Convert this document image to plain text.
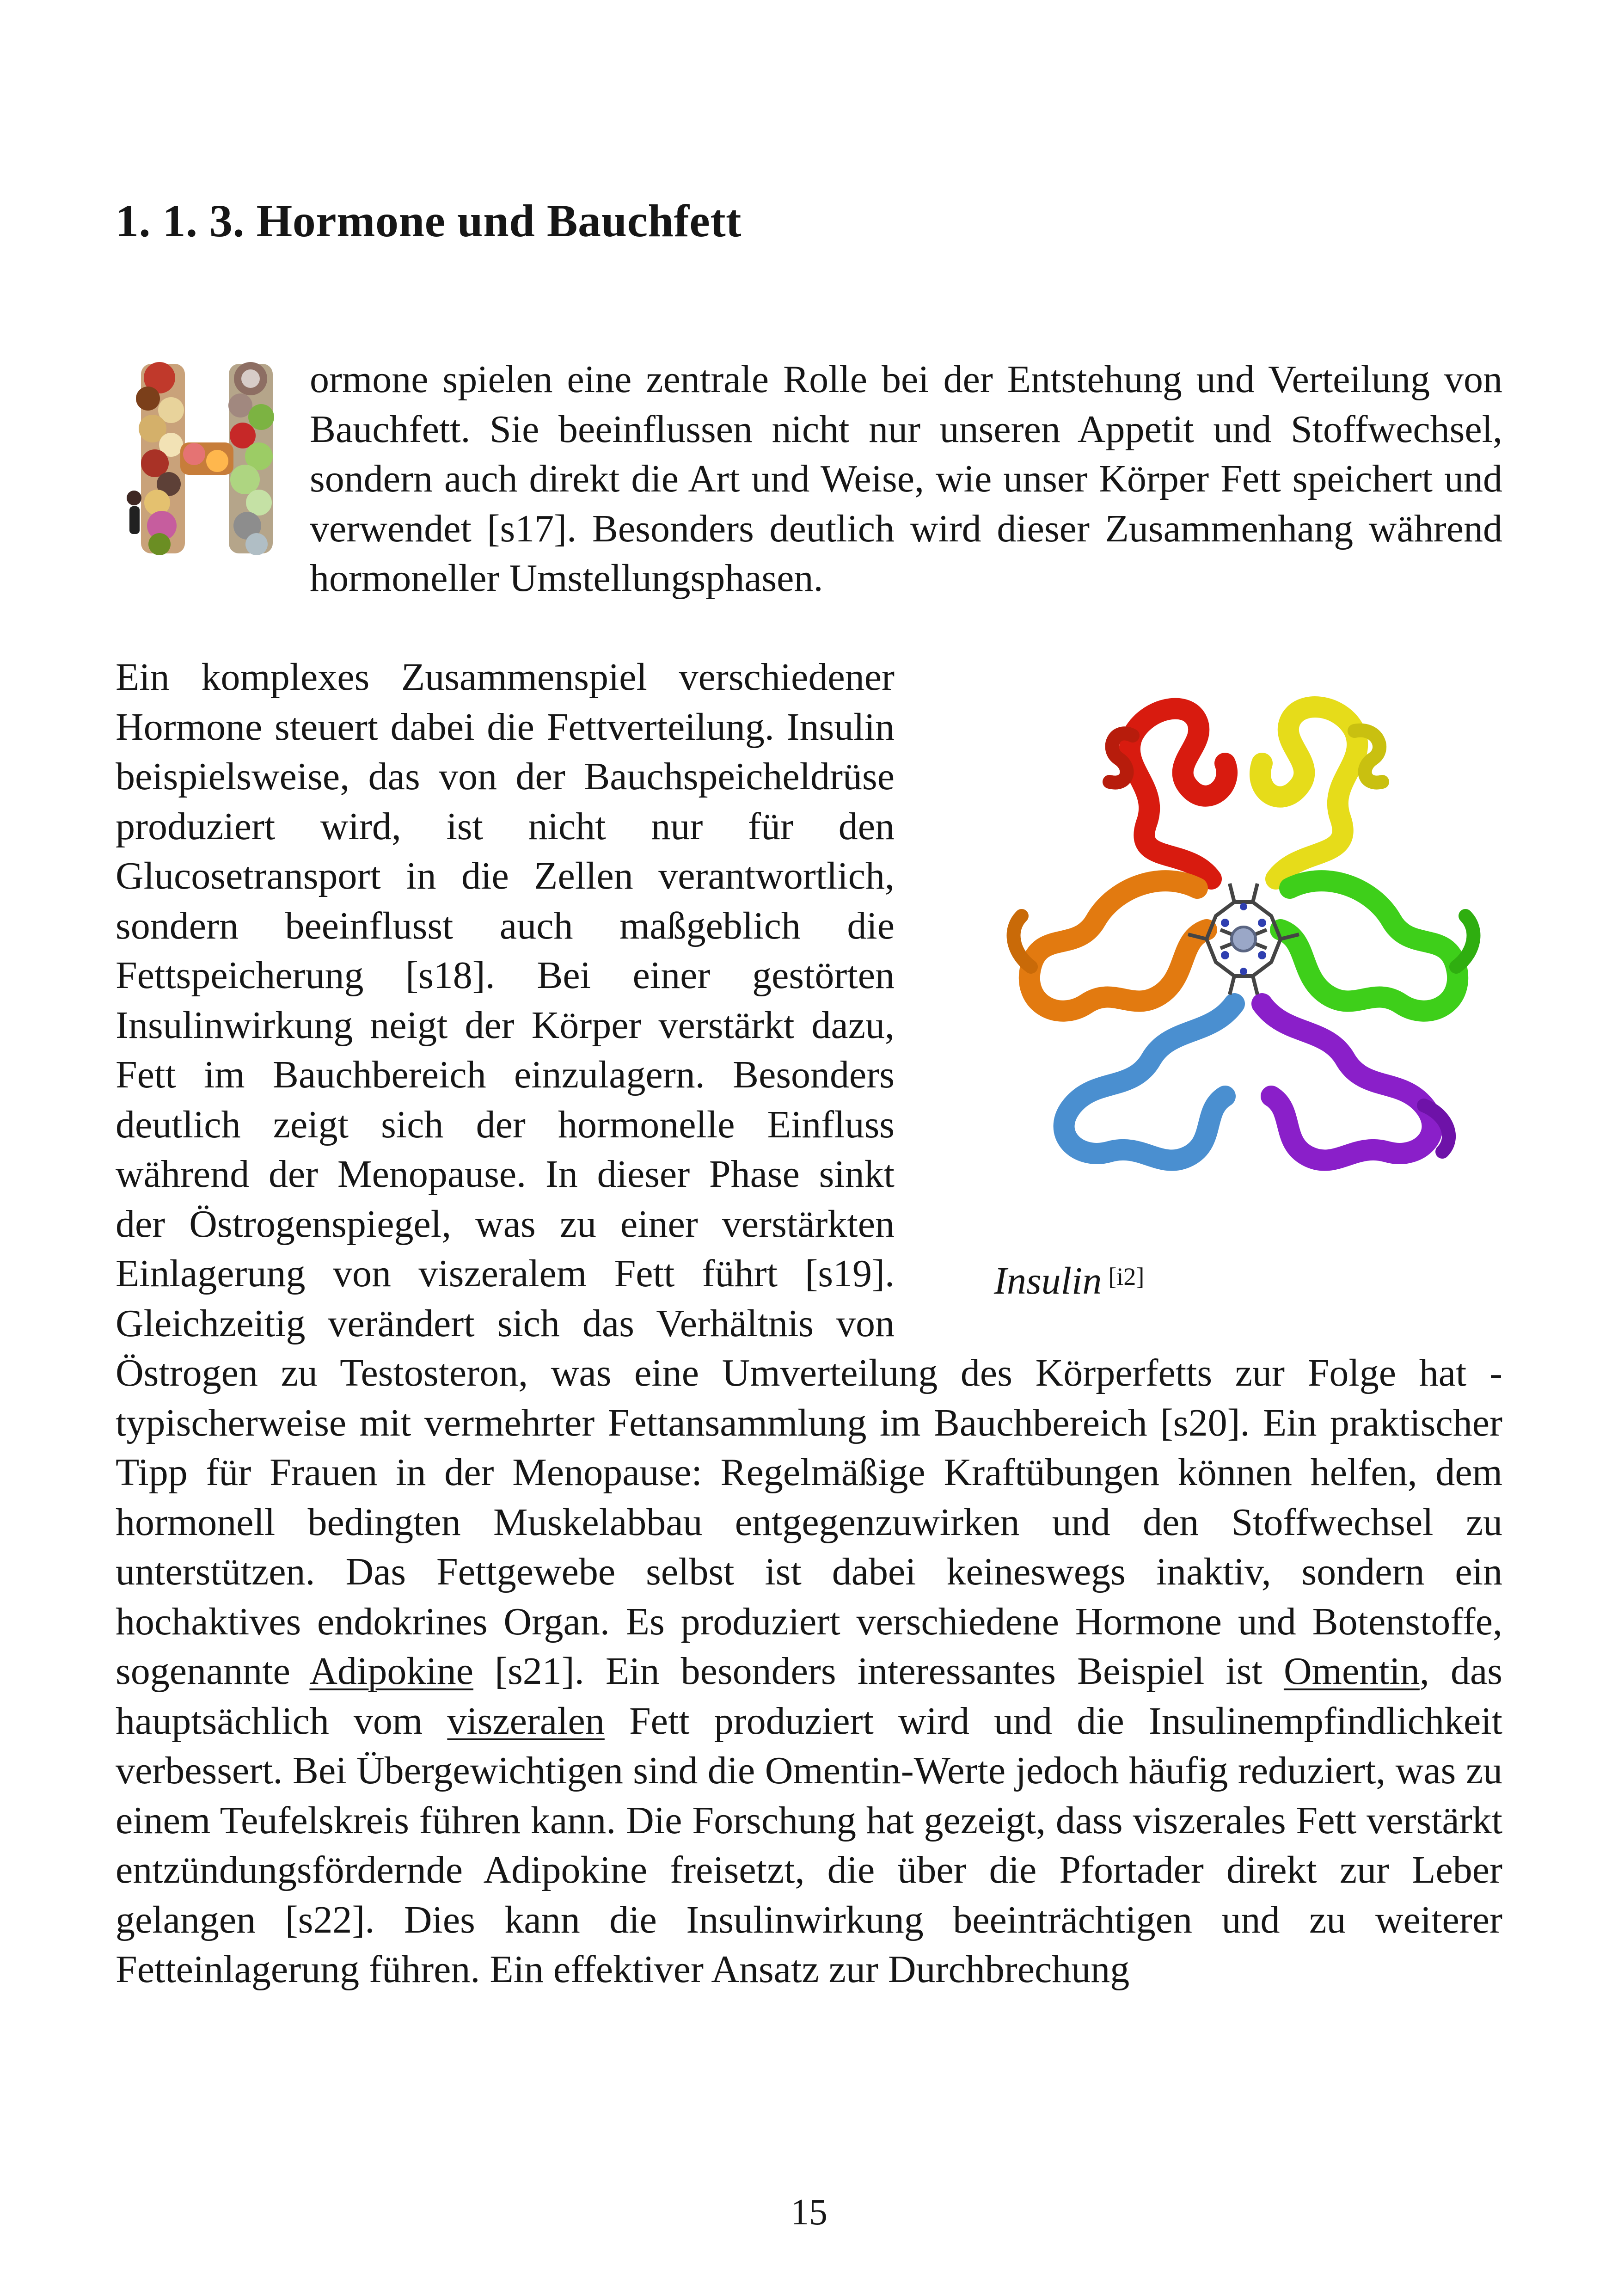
1. 1. 3. Hormone und Bauchfett

ormone spielen eine zentrale Rolle bei der Entstehung und Verteilung von Bauchfett. Sie beeinflussen nicht nur unseren Appetit und Stoffwechsel, sondern auch direkt die Art und Weise, wie unser Körper Fett speichert und verwendet [s17]. Besonders deutlich wird dieser Zusammenhang während hormoneller Umstellungsphasen.

Insulin [i2]
Ein komplexes Zusammenspiel verschiedener Hormone steuert dabei die Fettverteilung. Insulin beispielsweise, das von der Bauchspeicheldrüse produziert wird, ist nicht nur für den Glucosetransport in die Zellen verantwortlich, sondern beeinflusst auch maßgeblich die Fettspeicherung [s18]. Bei einer gestörten Insulinwirkung neigt der Körper verstärkt dazu, Fett im Bauchbereich einzulagern. Besonders deutlich zeigt sich der hormonelle Einfluss während der Menopause. In dieser Phase sinkt der Östrogenspiegel, was zu einer verstärkten Einlagerung von viszeralem Fett führt [s19]. Gleichzeitig verändert sich das Verhältnis von Östrogen zu Testosteron, was eine Umverteilung des Körperfetts zur Folge hat - typischerweise mit vermehrter Fettansammlung im Bauchbereich [s20]. Ein praktischer Tipp für Frauen in der Menopause: Regelmäßige Kraftübungen können helfen, dem hormonell bedingten Muskelabbau entgegenzuwirken und den Stoffwechsel zu unterstützen. Das Fettgewebe selbst ist dabei keineswegs inaktiv, sondern ein hochaktives endokrines Organ. Es produziert verschiedene Hormone und Botenstoffe, sogenannte Adipokine [s21]. Ein besonders interessantes Beispiel ist Omentin, das hauptsächlich vom viszeralen Fett produziert wird und die Insulinempfindlichkeit verbessert. Bei Übergewichtigen sind die Omentin-Werte jedoch häufig reduziert, was zu einem Teufelskreis führen kann. Die Forschung hat gezeigt, dass viszerales Fett verstärkt entzündungsfördernde Adipokine freisetzt, die über die Pfortader direkt zur Leber gelangen [s22]. Dies kann die Insulinwirkung beeinträchtigen und zu weiterer Fetteinlagerung führen. Ein effektiver Ansatz zur Durchbrechung
15
